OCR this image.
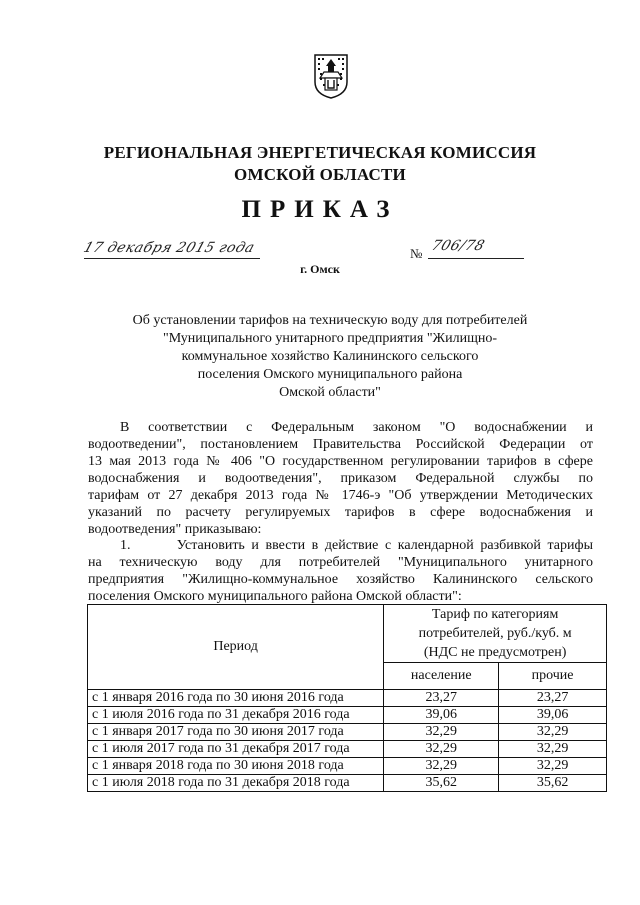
РЕГИОНАЛЬНАЯ ЭНЕРГЕТИЧЕСКАЯ КОМИССИЯ
ОМСКОЙ ОБЛАСТИ
ПРИКАЗ
17 декабря 2015 года	№ 706/78
г. Омск
Об установлении тарифов на техническую воду для потребителей
"Муниципального унитарного предприятия "Жилищно-
коммунальное хозяйство Калининского сельского
поселения Омского муниципального района
Омской области"
В соответствии с Федеральным законом "О водоснабжении и
водоотведении", постановлением Правительства Российской Федерации от
13 мая 2013 года № 406 "О государственном регулировании тарифов в сфере
водоснабжения и водоотведения", приказом Федеральной службы по
тарифам от 27 декабря 2013 года № 1746-э "Об утверждении Методических
указаний по расчету регулируемых тарифов в сфере водоснабжения и
водоотведения" приказываю:
1.       Установить и ввести в действие с календарной разбивкой тарифы
на техническую воду для потребителей "Муниципального унитарного
предприятия "Жилищно-коммунальное хозяйство Калининского сельского
поселения Омского муниципального района Омской области":
Период	Тариф по категориям
потребителей, руб./куб. м
(НДС не предусмотрен)	

	население	прочие
с 1 января 2016 года по 30 июня 2016 года	23,27	23,27
с 1 июля 2016 года по 31 декабря 2016 года	39,06	39,06
с 1 января 2017 года по 30 июня 2017 года	32,29	32,29
с 1 июля 2017 года по 31 декабря 2017 года	32,29	32,29
с 1 января 2018 года по 30 июня 2018 года	32,29	32,29
с 1 июля 2018 года по 31 декабря 2018 года	35,62	35,62
